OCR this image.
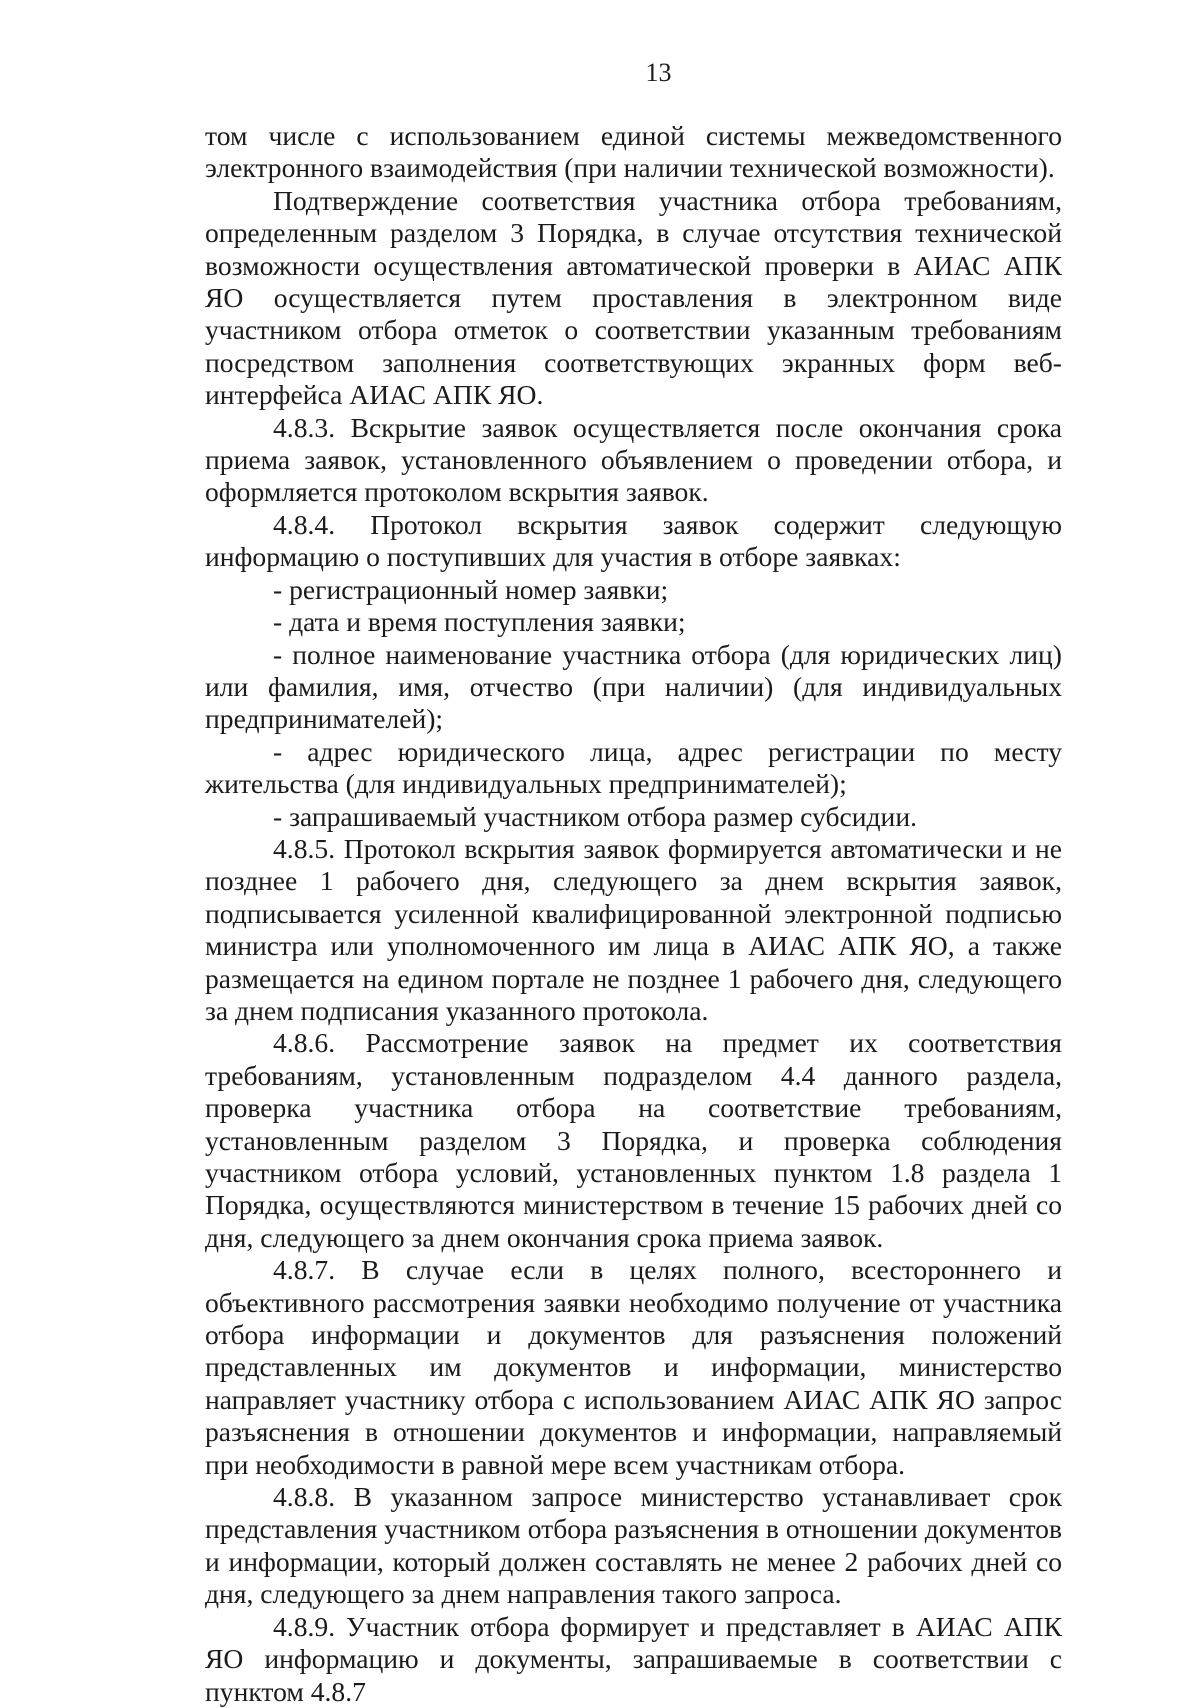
13

том числе с использованием единой системы межведомственного электронного взаимодействия (при наличии технической возможности).

Подтверждение соответствия участника отбора требованиям, определенным разделом 3 Порядка, в случае отсутствия технической возможности осуществления автоматической проверки в АИАС АПК ЯО осуществляется путем проставления в электронном виде участником отбора отметок о соответствии указанным требованиям посредством заполнения соответствующих экранных форм веб-интерфейса АИАС АПК ЯО.

4.8.3. Вскрытие заявок осуществляется после окончания срока приема заявок, установленного объявлением о проведении отбора, и оформляется протоколом вскрытия заявок.

4.8.4. Протокол вскрытия заявок содержит следующую информацию о поступивших для участия в отборе заявках:

- регистрационный номер заявки;

- дата и время поступления заявки;

- полное наименование участника отбора (для юридических лиц) или фамилия, имя, отчество (при наличии) (для индивидуальных предпринимателей);

- адрес юридического лица, адрес регистрации по месту жительства (для индивидуальных предпринимателей);

- запрашиваемый участником отбора размер субсидии.

4.8.5. Протокол вскрытия заявок формируется автоматически и не позднее 1 рабочего дня, следующего за днем вскрытия заявок, подписывается усиленной квалифицированной электронной подписью министра или уполномоченного им лица в АИАС АПК ЯО, а также размещается на едином портале не позднее 1 рабочего дня, следующего за днем подписания указанного протокола.

4.8.6. Рассмотрение заявок на предмет их соответствия требованиям, установленным подразделом 4.4 данного раздела, проверка участника отбора на соответствие требованиям, установленным разделом 3 Порядка, и проверка соблюдения участником отбора условий, установленных пунктом 1.8 раздела 1 Порядка, осуществляются министерством в течение 15 рабочих дней со дня, следующего за днем окончания срока приема заявок.

4.8.7. В случае если в целях полного, всестороннего и объективного рассмотрения заявки необходимо получение от участника отбора информации и документов для разъяснения положений представленных им документов и информации, министерство направляет участнику отбора с использованием АИАС АПК ЯО запрос разъяснения в отношении документов и информации, направляемый при необходимости в равной мере всем участникам отбора.

4.8.8. В указанном запросе министерство устанавливает срок представления участником отбора разъяснения в отношении документов и информации, который должен составлять не менее 2 рабочих дней со дня, следующего за днем направления такого запроса.

4.8.9. Участник отбора формирует и представляет в АИАС АПК ЯО информацию и документы, запрашиваемые в соответствии с пунктом 4.8.7
